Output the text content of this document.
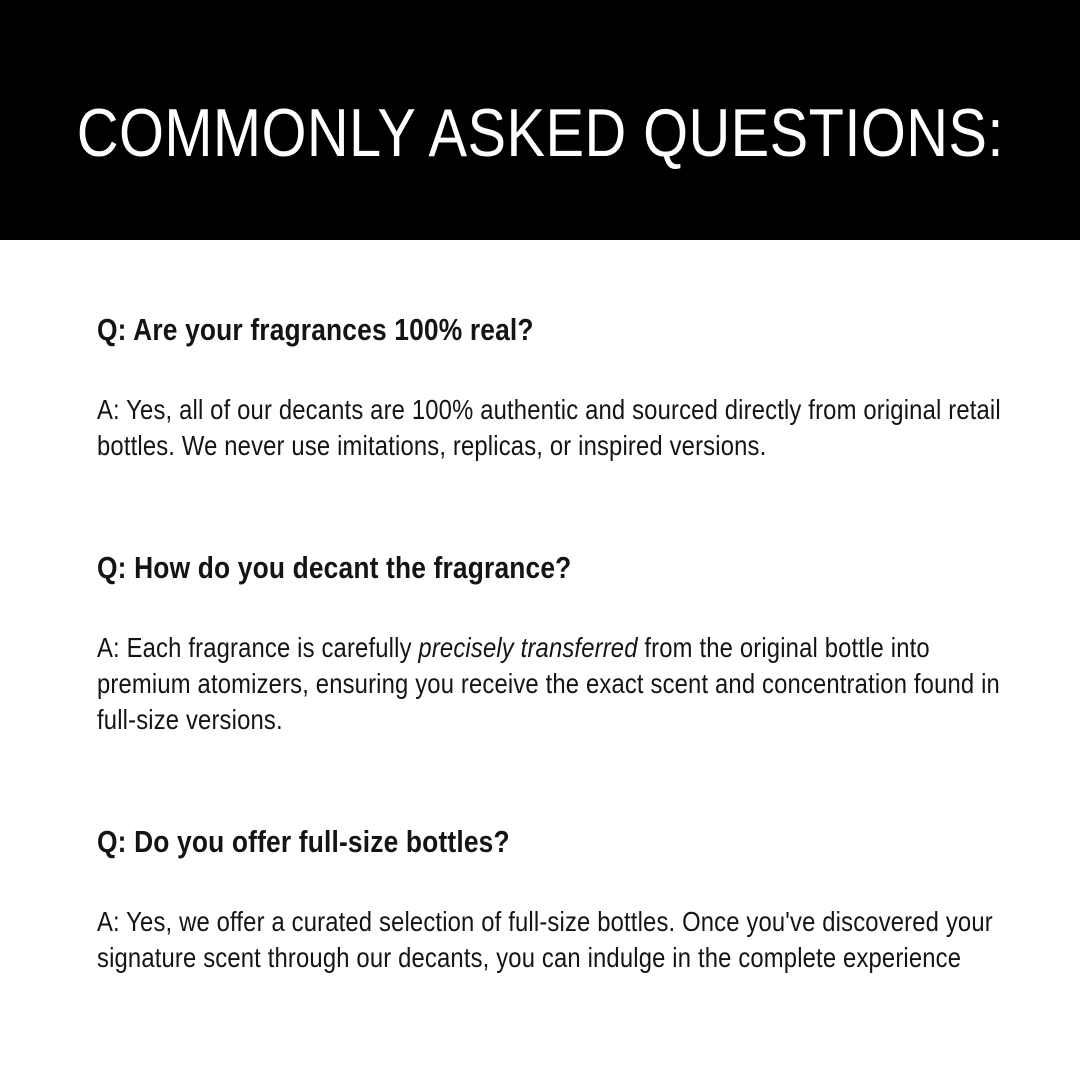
COMMONLY ASKED QUESTIONS:
Q: Are your fragrances 100% real?

A: Yes, all of our decants are 100% authentic and sourced directly from original retail bottles. We never use imitations, replicas, or inspired versions.

Q: How do you decant the fragrance?

A: Each fragrance is carefully precisely transferred from the original bottle into premium atomizers, ensuring you receive the exact scent and concentration found in full-size versions.

Q: Do you offer full-size bottles?

A: Yes, we offer a curated selection of full-size bottles. Once you've discovered your signature scent through our decants, you can indulge in the complete experience
